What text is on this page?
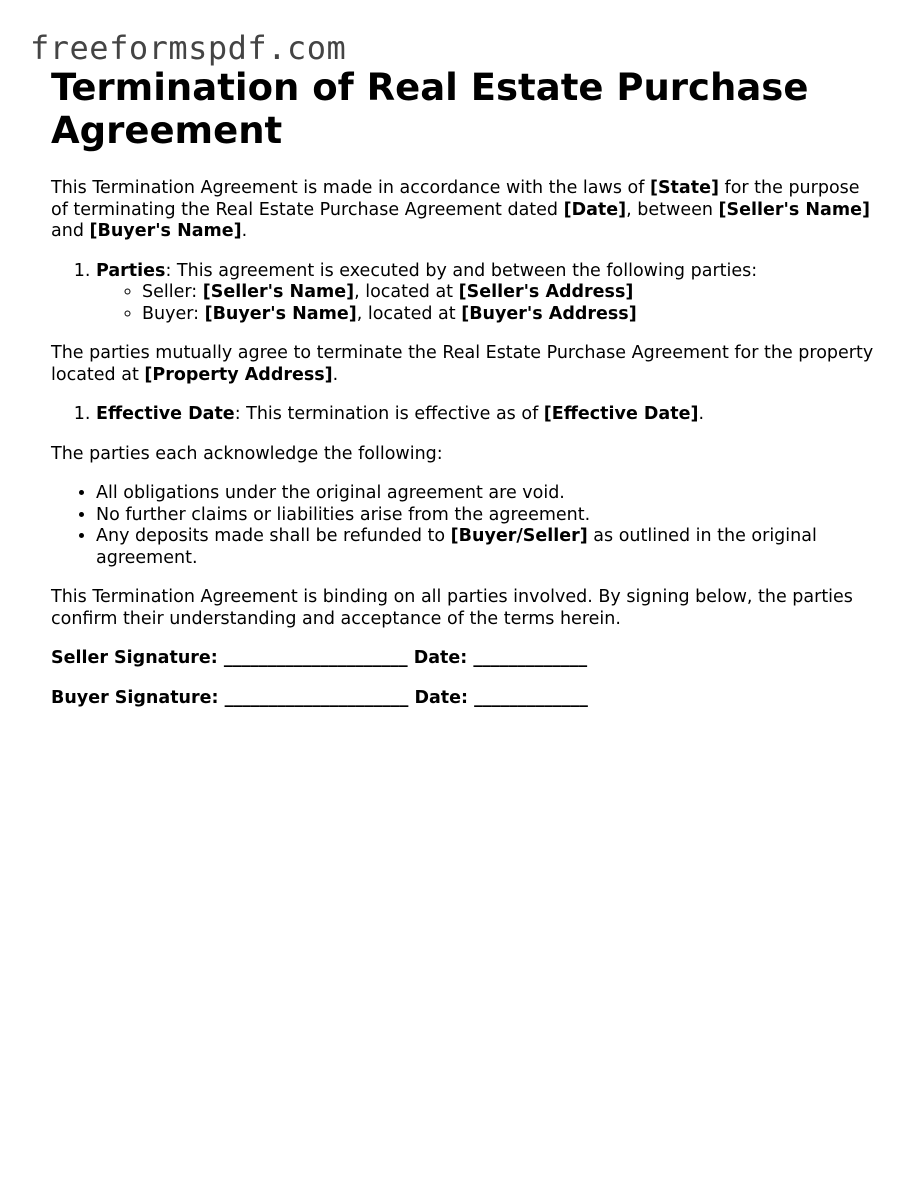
freeformspdf.com
Termination of Real Estate Purchase Agreement

This Termination Agreement is made in accordance with the laws of [State] for the purpose of terminating the Real Estate Purchase Agreement dated [Date], between [Seller's Name] and [Buyer's Name].

1. Parties: This agreement is executed by and between the following parties:
◦ Seller: [Seller's Name], located at [Seller's Address]
◦ Buyer: [Buyer's Name], located at [Buyer's Address]

The parties mutually agree to terminate the Real Estate Purchase Agreement for the property located at [Property Address].

1. Effective Date: This termination is effective as of [Effective Date].

The parties each acknowledge the following:

• All obligations under the original agreement are void.
• No further claims or liabilities arise from the agreement.
• Any deposits made shall be refunded to [Buyer/Seller] as outlined in the original agreement.

This Termination Agreement is binding on all parties involved. By signing below, the parties confirm their understanding and acceptance of the terms herein.

Seller Signature: _____________________ Date: _____________
Buyer Signature: _____________________ Date: _____________
